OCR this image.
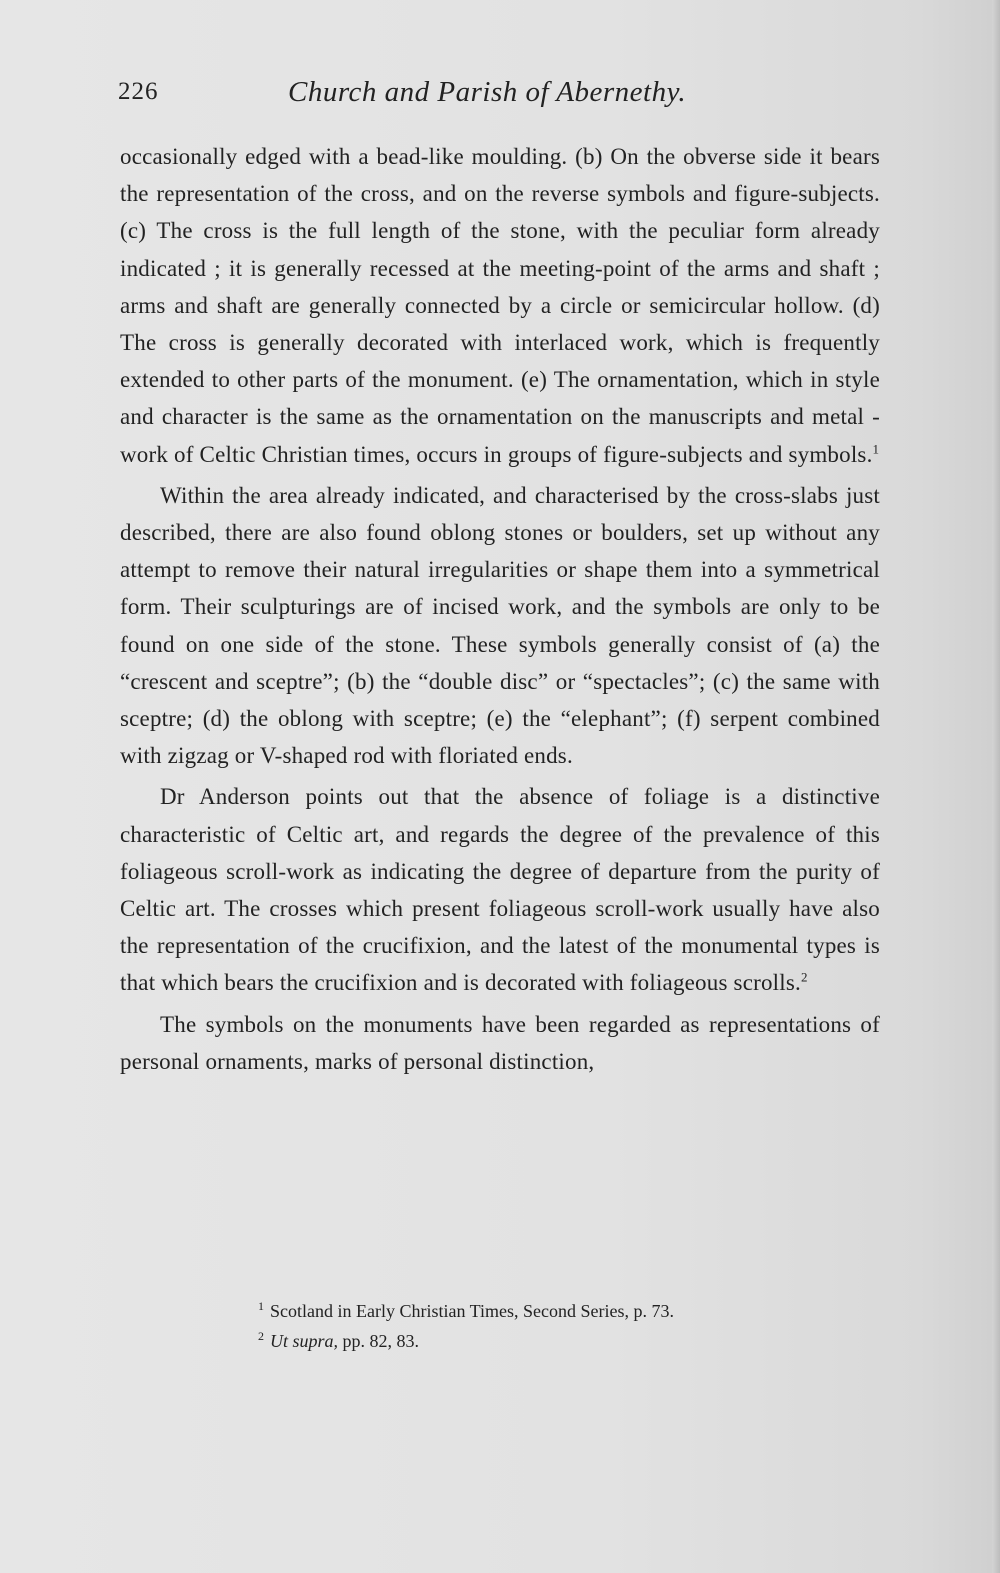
226	Church and Parish of Abernethy.

occasionally edged with a bead-like moulding. (b) On the obverse side it bears the representation of the cross, and on the reverse symbols and figure-subjects. (c) The cross is the full length of the stone, with the peculiar form already indicated ; it is generally recessed at the meeting-point of the arms and shaft ; arms and shaft are generally connected by a circle or semicircular hollow. (d) The cross is generally decorated with interlaced work, which is frequently extended to other parts of the monument. (e) The ornamentation, which in style and character is the same as the ornamentation on the manuscripts and metal - work of Celtic Christian times, occurs in groups of figure-subjects and symbols.$^1$

Within the area already indicated, and characterised by the cross-slabs just described, there are also found oblong stones or boulders, set up without any attempt to remove their natural irregularities or shape them into a symmetrical form. Their sculpturings are of incised work, and the symbols are only to be found on one side of the stone. These symbols generally consist of (a) the “crescent and sceptre”; (b) the “double disc” or “spectacles”; (c) the same with sceptre; (d) the oblong with sceptre; (e) the “elephant”; (f) serpent combined with zigzag or V-shaped rod with floriated ends.

Dr Anderson points out that the absence of foliage is a distinctive characteristic of Celtic art, and regards the degree of the prevalence of this foliageous scroll-work as indicating the degree of departure from the purity of Celtic art. The crosses which present foliageous scroll-work usually have also the representation of the crucifixion, and the latest of the monumental types is that which bears the crucifixion and is decorated with foliageous scrolls.$^2$

The symbols on the monuments have been regarded as representations of personal ornaments, marks of personal distinction,

$^1$ Scotland in Early Christian Times, Second Series, p. 73.

$^2$ Ut supra, pp. 82, 83.
